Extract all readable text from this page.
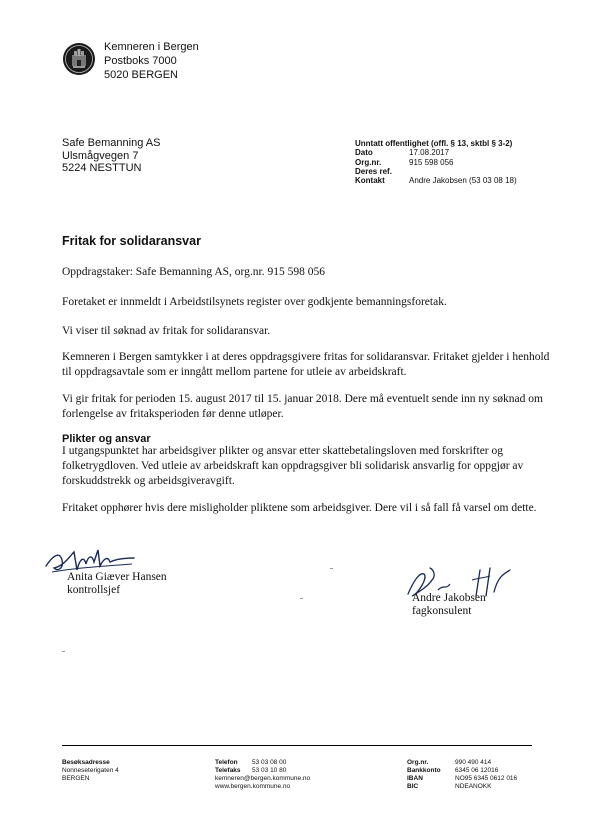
Kemneren i Bergen
Postboks 7000
5020 BERGEN
Safe Bemanning AS
Ulsmågvegen 7
5224 NESTTUN
Unntatt offentlighet (offl. § 13, sktbl § 3-2)
Dato	17.08.2017
Org.nr.	915 598 056
Deres ref.
Kontakt	Andre Jakobsen (53 03 08 18)
Fritak for solidaransvar
Oppdragstaker: Safe Bemanning AS, org.nr. 915 598 056
Foretaket er innmeldt i Arbeidstilsynets register over godkjente bemanningsforetak.
Vi viser til søknad av fritak for solidaransvar.
Kemneren i Bergen samtykker i at deres oppdragsgivere fritas for solidaransvar. Fritaket gjelder i henhold
til oppdragsavtale som er inngått mellom partene for utleie av arbeidskraft.
Vi gir fritak for perioden 15. august 2017 til 15. januar 2018. Dere må eventuelt sende inn ny søknad om
forlengelse av fritaksperioden før denne utløper.
Plikter og ansvar
I utgangspunktet har arbeidsgiver plikter og ansvar etter skattebetalingsloven med forskrifter og
folketrygdloven. Ved utleie av arbeidskraft kan oppdragsgiver bli solidarisk ansvarlig for oppgjør av
forskuddstrekk og arbeidsgiveravgift.
Fritaket opphører hvis dere misligholder pliktene som arbeidsgiver. Dere vil i så fall få varsel om dette.
Anita Giæver Hansen
kontrollsjef
Andre Jakobsen
fagkonsulent
Besøksadresse
Nonneseterigaten 4
BERGEN
Telefon	53 03 08 00
Telefaks	53 03 10 80
kemneren@bergen.kommune.no
www.bergen.kommune.no
Org.nr.	990 490 414
Bankkonto	6345 06 12016
IBAN	NO95 6345 0612 016
BIC	NDEANOKK
